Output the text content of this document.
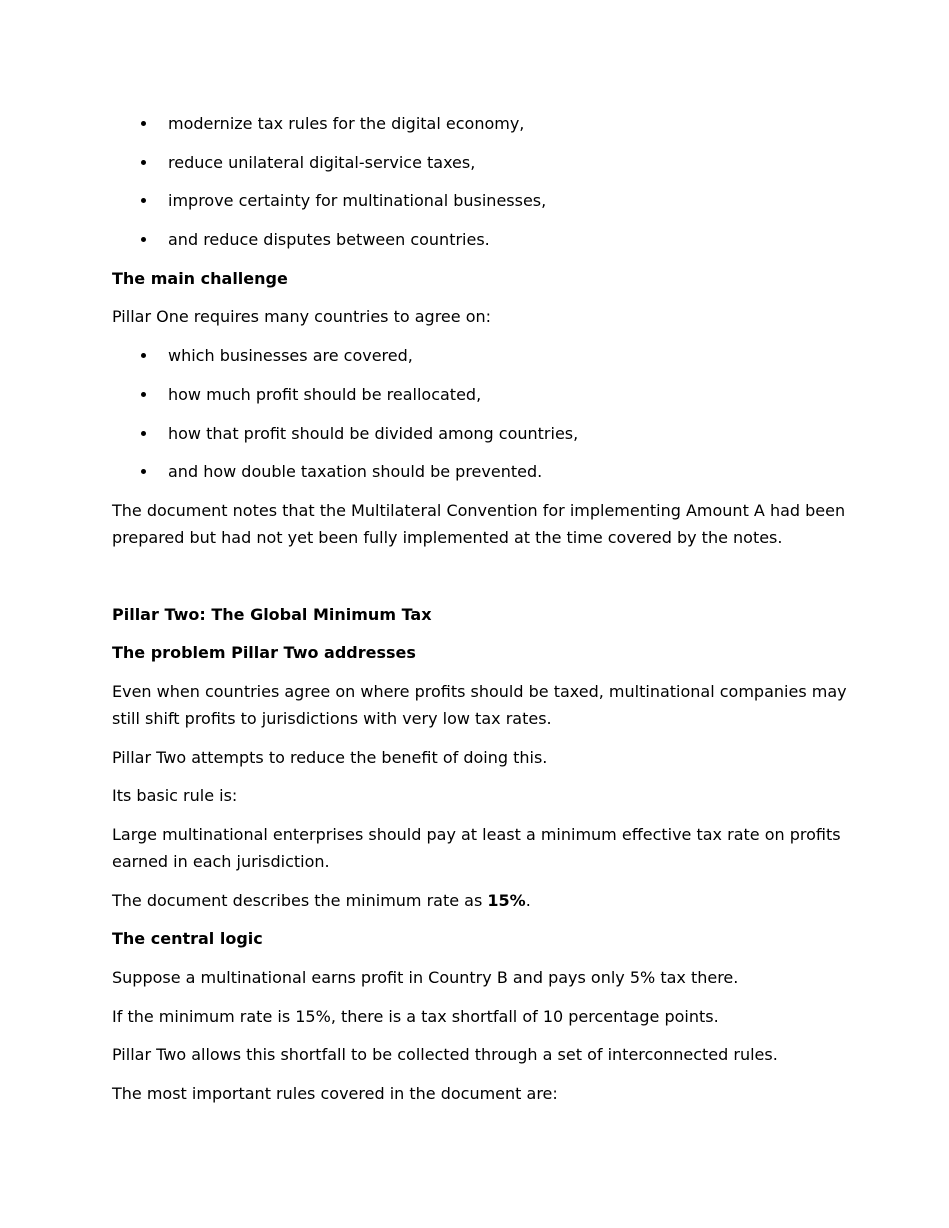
modernize tax rules for the digital economy,
reduce unilateral digital-service taxes,
improve certainty for multinational businesses,
and reduce disputes between countries.

The main challenge

Pillar One requires many countries to agree on:

which businesses are covered,
how much profit should be reallocated,
how that profit should be divided among countries,
and how double taxation should be prevented.

The document notes that the Multilateral Convention for implementing Amount A had been prepared but had not yet been fully implemented at the time covered by the notes.

Pillar Two: The Global Minimum Tax

The problem Pillar Two addresses

Even when countries agree on where profits should be taxed, multinational companies may still shift profits to jurisdictions with very low tax rates.

Pillar Two attempts to reduce the benefit of doing this.

Its basic rule is:

Large multinational enterprises should pay at least a minimum effective tax rate on profits earned in each jurisdiction.

The document describes the minimum rate as 15%.

The central logic

Suppose a multinational earns profit in Country B and pays only 5% tax there.

If the minimum rate is 15%, there is a tax shortfall of 10 percentage points.

Pillar Two allows this shortfall to be collected through a set of interconnected rules.

The most important rules covered in the document are:
